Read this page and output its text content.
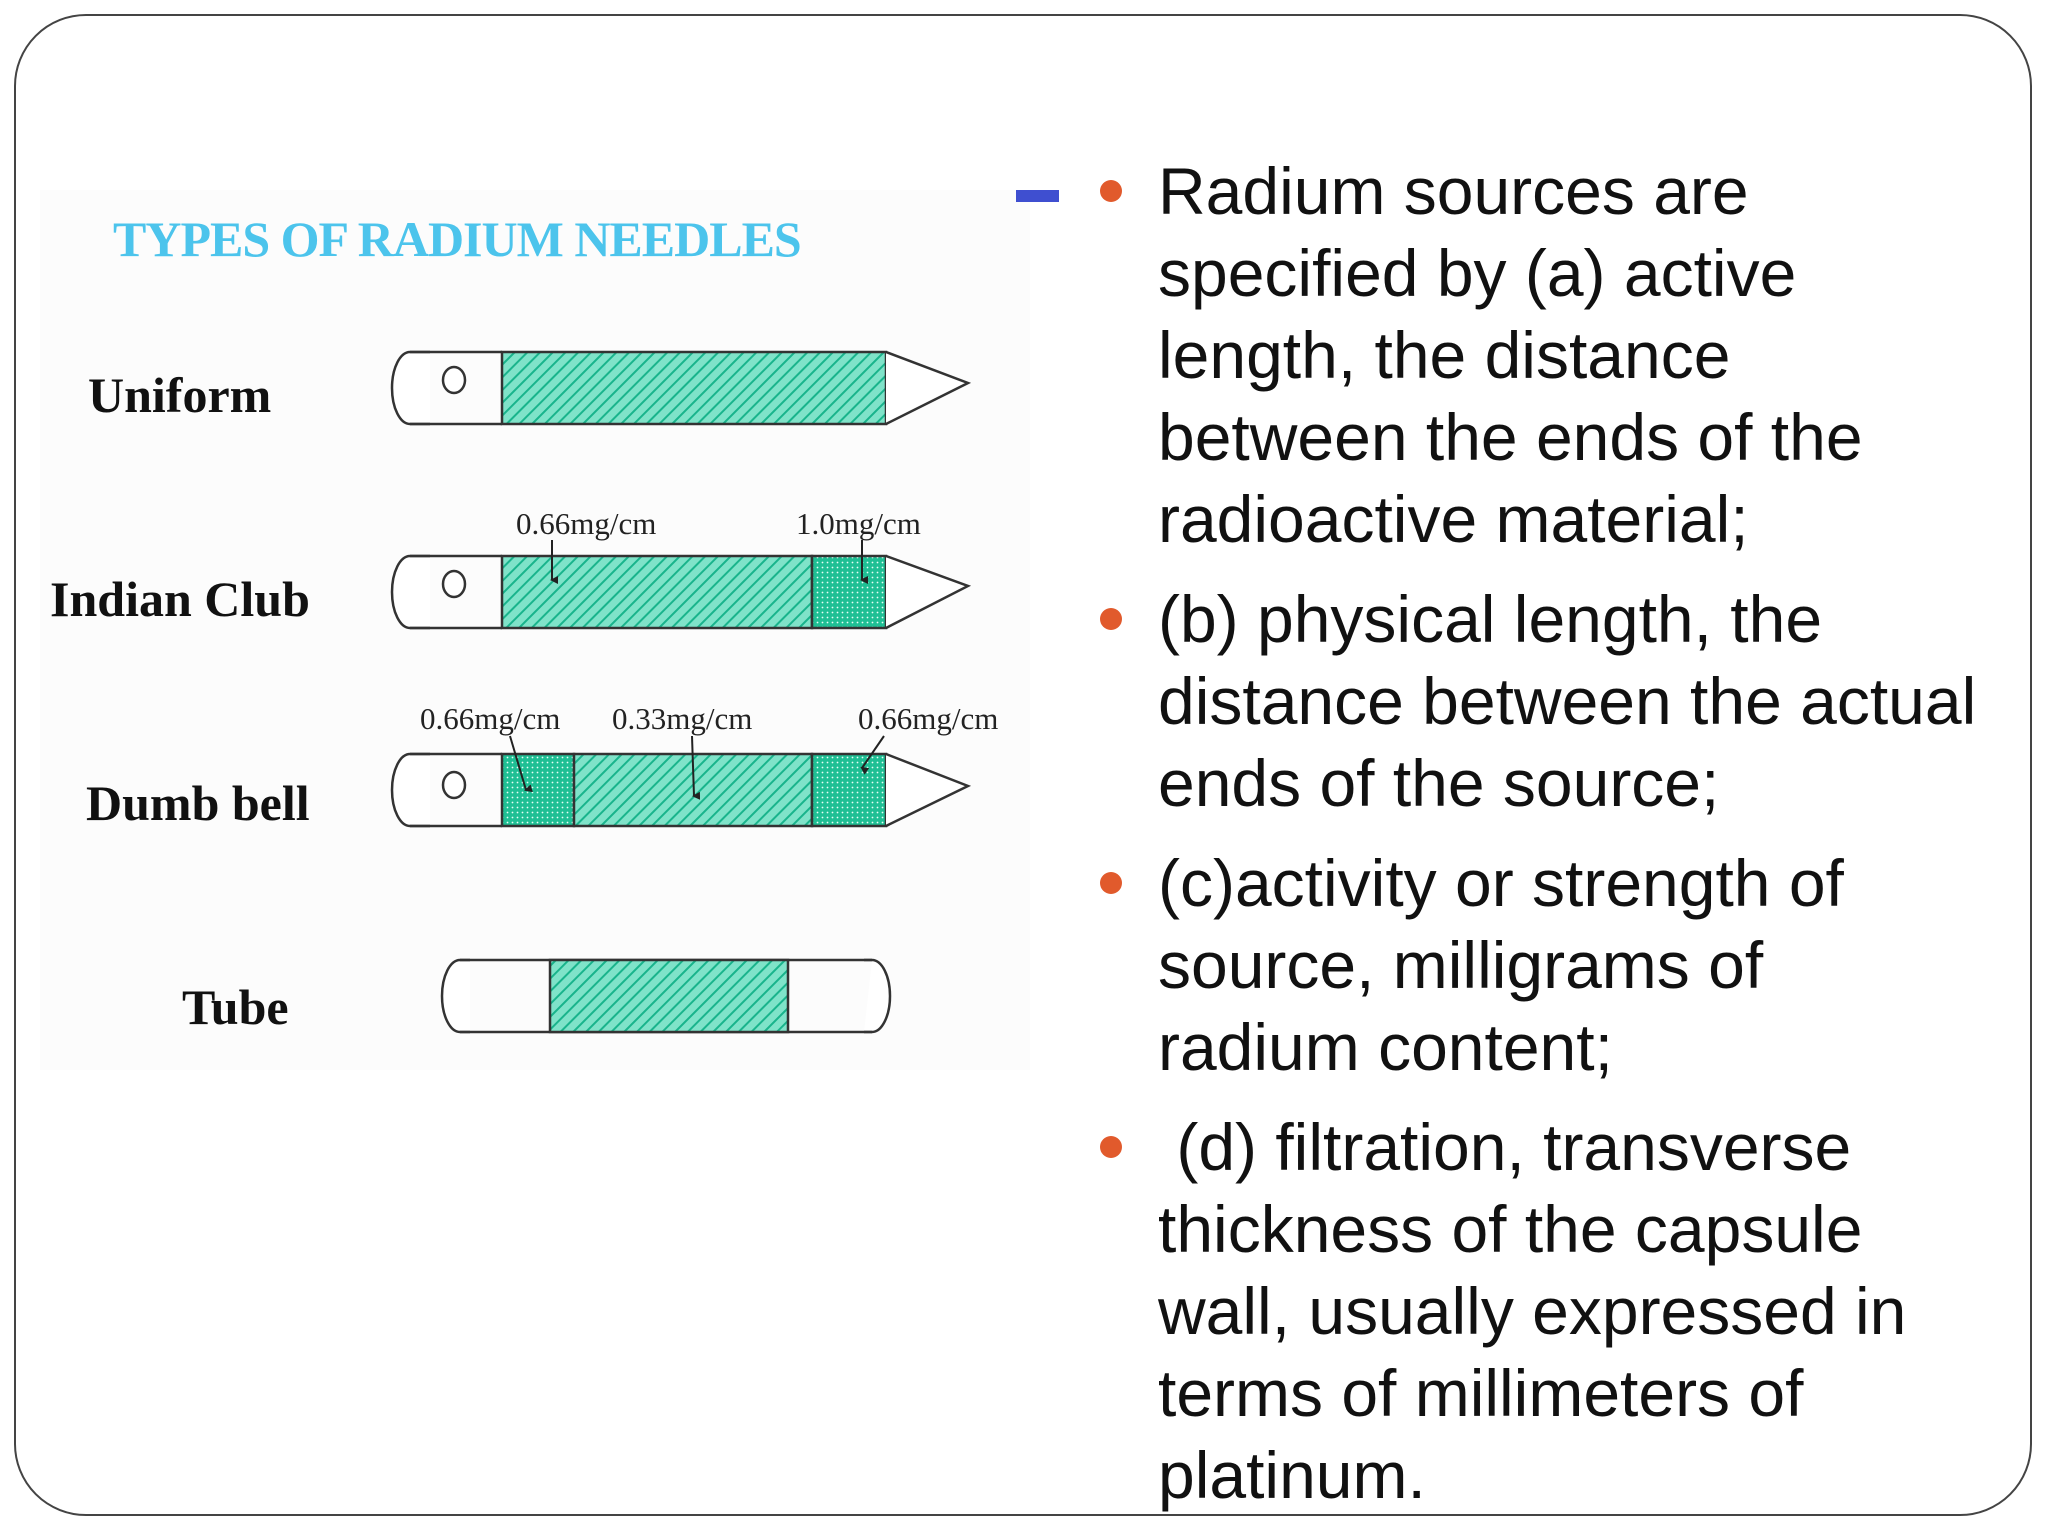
TYPES OF RADIUM NEEDLES
Uniform
Indian Club
Dumb bell
Tube
0.66mg/cm	1.0mg/cm
0.66mg/cm 0.33mg/cm	0.66mg/cm
Radium sources are specified by (a) active length, the distance between the ends of the radioactive material;
(b) physical length, the distance between the actual ends of the source;
(c)activity or strength of source, milligrams of radium content;
(d) filtration, transverse thickness of the capsule wall, usually expressed in terms of millimeters of platinum.
